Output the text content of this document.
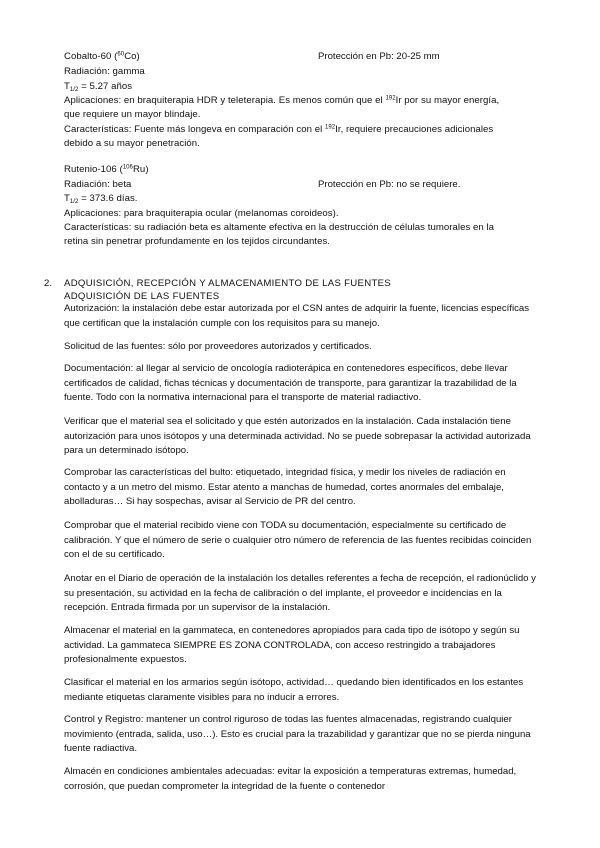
Cobalto-60 ($^{60}$Co)	Protección en Pb: 20-25 mm
Radiación: gamma
$T_{1/2} = 5.27$ años
Aplicaciones: en braquiterapia HDR y teleterapia. Es menos común que el $^{192}$Ir por su mayor energía,
que requiere un mayor blindaje.
Características: Fuente más longeva en comparación con el $^{192}$Ir, requiere precauciones adicionales
debido a su mayor penetración.
Rutenio-106 ($^{106}$Ru)
Radiación: beta	Protección en Pb: no se requiere.
$T_{1/2} = 373.6$ días.
Aplicaciones: para braquiterapia ocular (melanomas coroideos).
Características: su radiación beta es altamente efectiva en la destrucción de células tumorales en la
retina sin penetrar profundamente en los tejidos circundantes.
2. ADQUISICIÓN, RECEPCIÓN Y ALMACENAMIENTO DE LAS FUENTES
ADQUISICIÓN DE LAS FUENTES

Autorización: la instalación debe estar autorizada por el CSN antes de adquirir la fuente, licencias específicas que certifican que la instalación cumple con los requisitos para su manejo.

Solicitud de las fuentes: sólo por proveedores autorizados y certificados.

Documentación: al llegar al servicio de oncología radioterápica en contenedores específicos, debe llevar certificados de calidad, fichas técnicas y documentación de transporte, para garantizar la trazabilidad de la fuente. Todo con la normativa internacional para el transporte de material radiactivo.

Verificar que el material sea el solicitado y que estén autorizados en la instalación. Cada instalación tiene autorización para unos isótopos y una determinada actividad. No se puede sobrepasar la actividad autorizada para un determinado isótopo.

Comprobar las características del bulto: etiquetado, integridad física, y medir los niveles de radiación en contacto y a un metro del mismo. Estar atento a manchas de humedad, cortes anormales del embalaje, abolladuras… Si hay sospechas, avisar al Servicio de PR del centro.

Comprobar que el material recibido viene con TODA su documentación, especialmente su certificado de calibración. Y que el número de serie o cualquier otro número de referencia de las fuentes recibidas coinciden con el de su certificado.

Anotar en el Diario de operación de la instalación los detalles referentes a fecha de recepción, el radionúclido y su presentación, su actividad en la fecha de calibración o del implante, el proveedor e incidencias en la recepción. Entrada firmada por un supervisor de la instalación.

Almacenar el material en la gammateca, en contenedores apropiados para cada tipo de isótopo y según su actividad. La gammateca SIEMPRE ES ZONA CONTROLADA, con acceso restringido a trabajadores profesionalmente expuestos.

Clasificar el material en los armarios según isótopo, actividad… quedando bien identificados en los estantes mediante etiquetas claramente visibles para no inducir a errores.

Control y Registro: mantener un control riguroso de todas las fuentes almacenadas, registrando cualquier movimiento (entrada, salida, uso…). Esto es crucial para la trazabilidad y garantizar que no se pierda ninguna fuente radiactiva.

Almacén en condiciones ambientales adecuadas: evitar la exposición a temperaturas extremas, humedad, corrosión, que puedan comprometer la integridad de la fuente o contenedor
